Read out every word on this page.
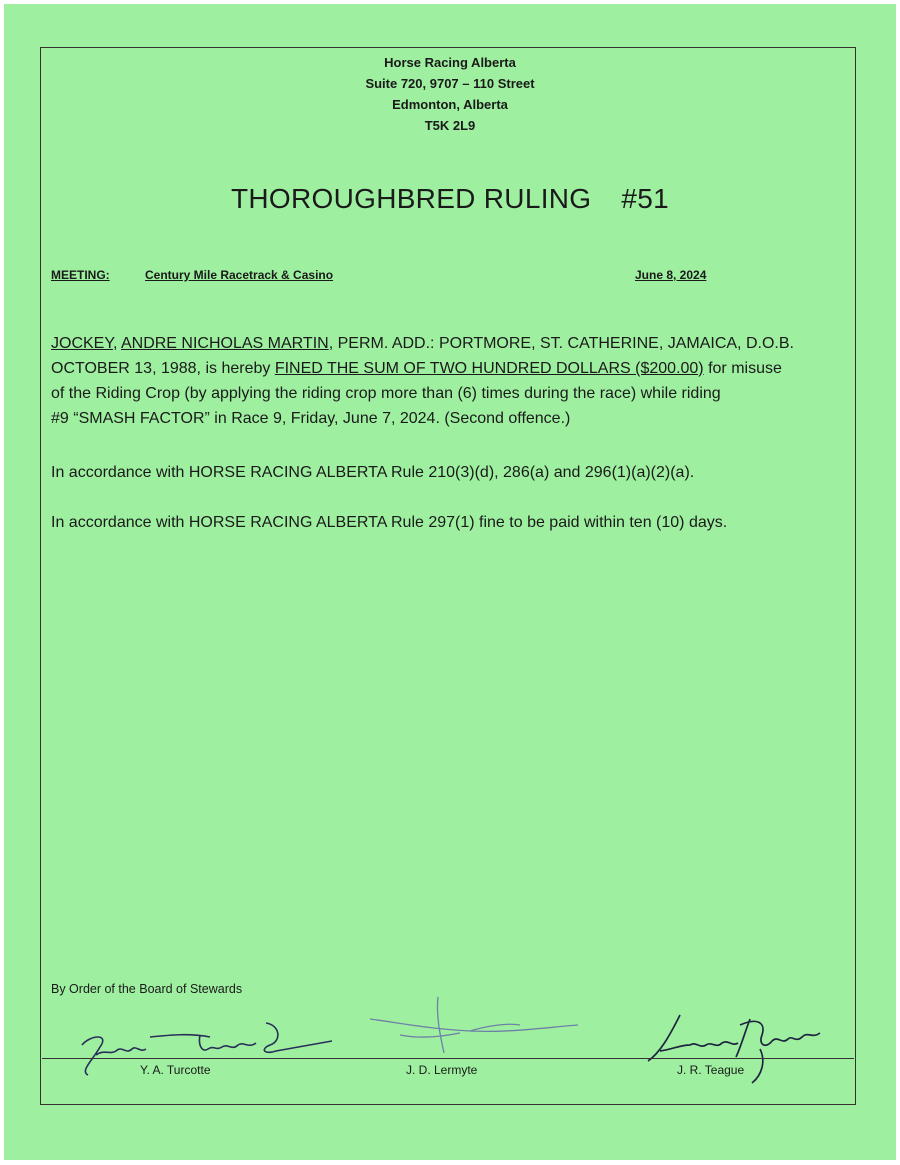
Horse Racing Alberta
Suite 720, 9707 – 110 Street
Edmonton, Alberta
T5K 2L9
THOROUGHBRED RULING #51
MEETING:	Century Mile Racetrack & Casino	June 8, 2024
JOCKEY, ANDRE NICHOLAS MARTIN, PERM. ADD.: PORTMORE, ST. CATHERINE, JAMAICA, D.O.B.
OCTOBER 13, 1988, is hereby FINED THE SUM OF TWO HUNDRED DOLLARS ($200.00) for misuse
of the Riding Crop (by applying the riding crop more than (6) times during the race) while riding
#9 “SMASH FACTOR” in Race 9, Friday, June 7, 2024. (Second offence.)
In accordance with HORSE RACING ALBERTA Rule 210(3)(d), 286(a) and 296(1)(a)(2)(a).
In accordance with HORSE RACING ALBERTA Rule 297(1) fine to be paid within ten (10) days.
By Order of the Board of Stewards
Y. A. Turcotte	J. D. Lermyte	J. R. Teague
